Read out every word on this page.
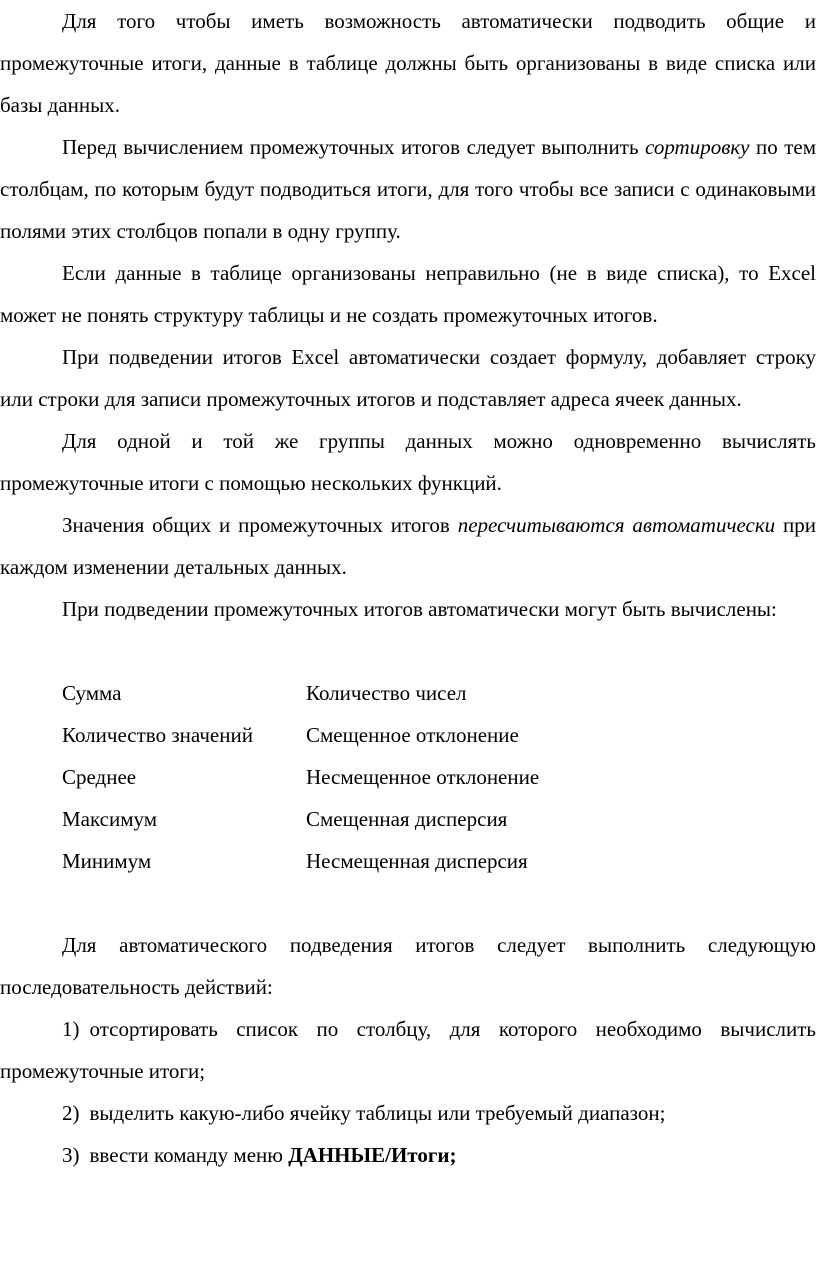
Для того чтобы иметь возможность автоматически подводить общие и промежуточные итоги, данные в таблице должны быть организованы в виде списка или базы данных.

Перед вычислением промежуточных итогов следует выполнить сортировку по тем столбцам, по которым будут подводиться итоги, для того чтобы все записи с одинаковыми полями этих столбцов попали в одну группу.

Если данные в таблице организованы неправильно (не в виде списка), то Excel может не понять структуру таблицы и не создать промежуточных итогов.

При подведении итогов Excel автоматически создает формулу, добавляет строку или строки для записи промежуточных итогов и подставляет адреса ячеек данных.

Для одной и той же группы данных можно одновременно вычислять промежуточные итоги с помощью нескольких функций.

Значения общих и промежуточных итогов пересчитываются автоматически при каждом изменении детальных данных.

При подведении промежуточных итогов автоматически могут быть вычислены:

Сумма	Количество чисел
Количество значений	Смещенное отклонение
Среднее	Несмещенное отклонение
Максимум	Смещенная дисперсия
Минимум	Несмещенная дисперсия

Для автоматического подведения итогов следует выполнить следующую последовательность действий:

1) отсортировать список по столбцу, для которого необходимо вычислить промежуточные итоги;

2) выделить какую-либо ячейку таблицы или требуемый диапазон;

3) ввести команду меню ДАННЫЕ/Итоги;
